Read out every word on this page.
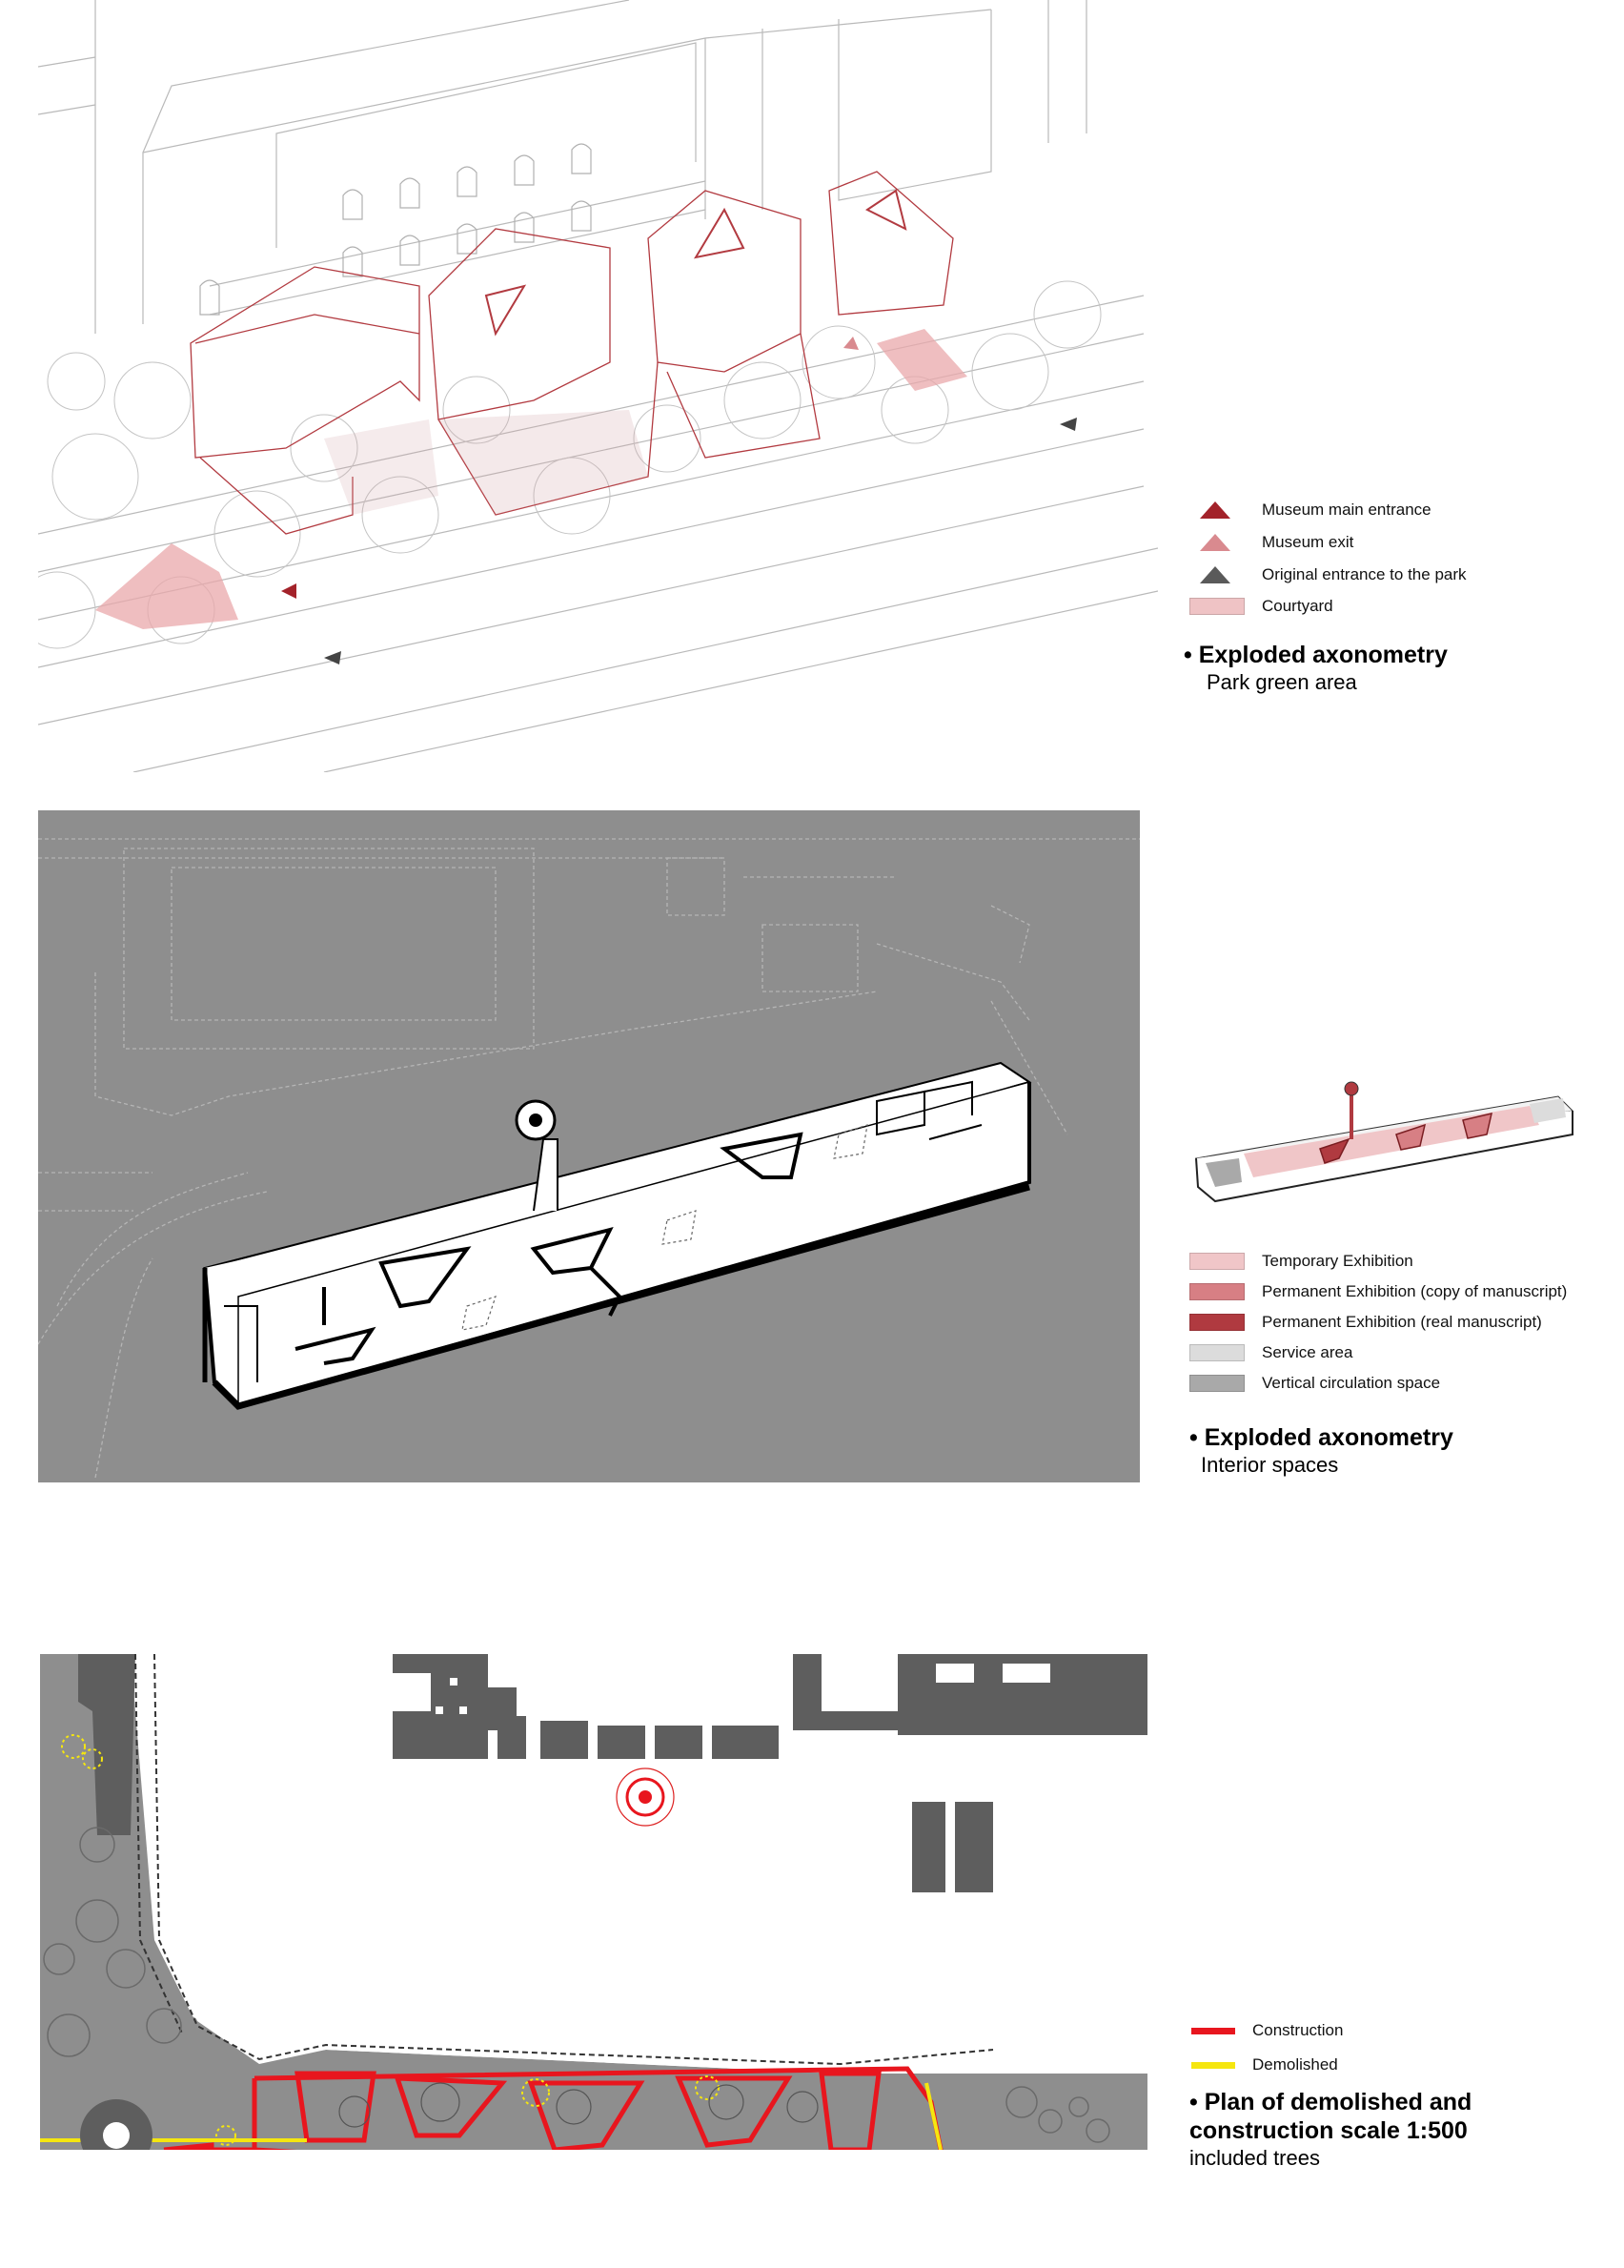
Museum main entrance
Museum exit
Original entrance to the park
Courtyard
• Exploded axonometry
Park green area
Temporary Exhibition
Permanent Exhibition (copy of manuscript)
Permanent Exhibition (real manuscript)
Service area
Vertical circulation space
• Exploded axonometry
Interior spaces
Construction
Demolished
• Plan of demolished and
construction scale 1:500
included trees
